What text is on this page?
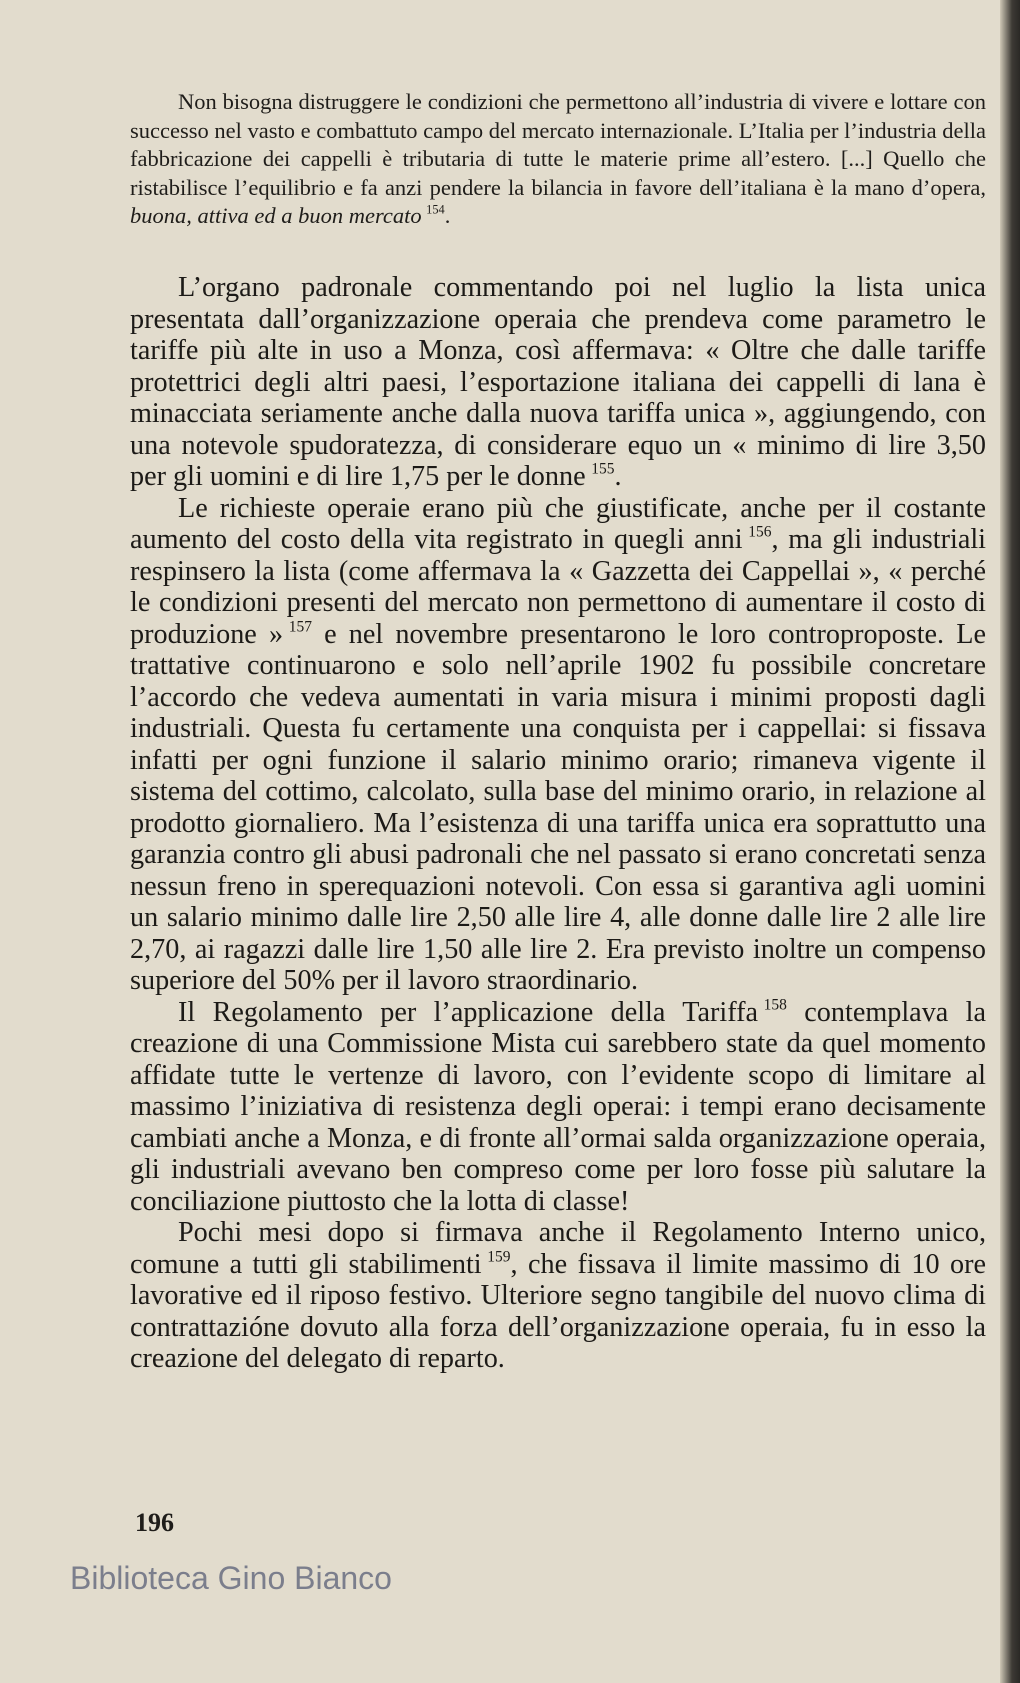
Non bisogna distruggere le condizioni che permettono all’industria di vivere e lottare con successo nel vasto e combattuto campo del mercato internazionale. L’Italia per l’industria della fabbricazione dei cappelli è tributaria di tutte le materie prime all’estero. [...] Quello che ristabilisce l’equilibrio e fa anzi pendere la bilancia in favore dell’italiana è la mano d’opera, buona, attiva ed a buon mercato  $^{154}$.

L’organo padronale commentando poi nel luglio la lista unica presentata dall’organizzazione operaia che prendeva come parametro le tariffe più alte in uso a Monza, così affermava: « Oltre che dalle tariffe protettrici degli altri paesi, l’esportazione italiana dei cappelli di lana è minacciata seriamente anche dalla nuova tariffa unica », aggiungendo, con una notevole spudoratezza, di considerare equo un « minimo di lire 3,50 per gli uomini e di lire 1,75 per le donne  $^{155}$.

Le richieste operaie erano più che giustificate, anche per il costante aumento del costo della vita registrato in quegli anni  $^{156}$, ma gli industriali respinsero la lista (come affermava la « Gazzetta dei Cappellai », « perché le condizioni presenti del mercato non permettono di aumentare il costo di produzione »  $^{157}$ e nel novembre presentarono le loro controproposte. Le trattative continuarono e solo nell’aprile 1902 fu possibile concretare l’accordo che vedeva aumentati in varia misura i minimi proposti dagli industriali. Questa fu certamente una conquista per i cappellai: si fissava infatti per ogni funzione il salario minimo orario; rimaneva vigente il sistema del cottimo, calcolato, sulla base del minimo orario, in relazione al prodotto giornaliero. Ma l’esistenza di una tariffa unica era soprattutto una garanzia contro gli abusi padronali che nel passato si erano concretati senza nessun freno in sperequazioni notevoli. Con essa si garantiva agli uomini un salario minimo dalle lire 2,50 alle lire 4, alle donne dalle lire 2 alle lire 2,70, ai ragazzi dalle lire 1,50 alle lire 2. Era previsto inoltre un compenso superiore del 50% per il lavoro straordinario.

Il Regolamento per l’applicazione della Tariffa  $^{158}$ contemplava la creazione di una Commissione Mista cui sarebbero state da quel momento affidate tutte le vertenze di lavoro, con l’evidente scopo di limitare al massimo l’iniziativa di resistenza degli operai: i tempi erano decisamente cambiati anche a Monza, e di fronte all’ormai salda organizzazione operaia, gli industriali avevano ben compreso come per loro fosse più salutare la conciliazione piuttosto che la lotta di classe!

Pochi mesi dopo si firmava anche il Regolamento Interno unico, comune a tutti gli stabilimenti  $^{159}$, che fissava il limite massimo di 10 ore lavorative ed il riposo festivo. Ulteriore segno tangibile del nuovo clima di contrattazióne dovuto alla forza dell’organizzazione operaia, fu in esso la creazione del delegato di reparto.

196
Biblioteca Gino Bianco
